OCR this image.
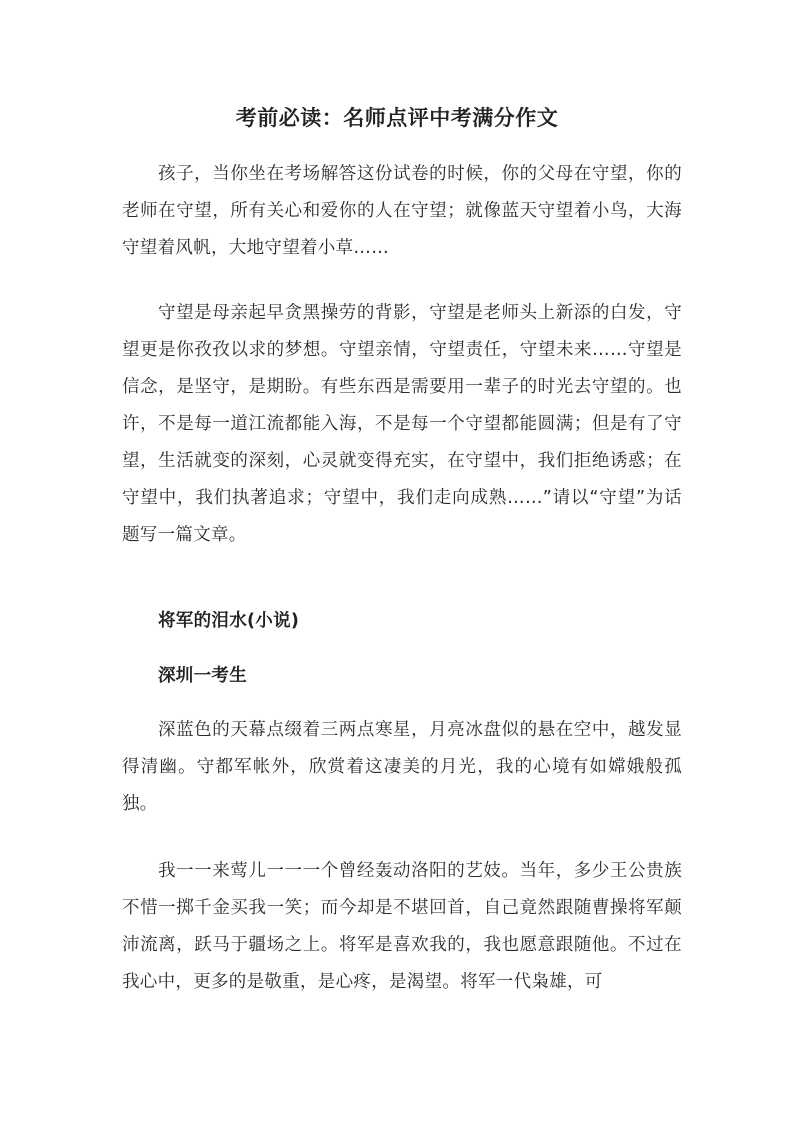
考前必读：名师点评中考满分作文

孩子，当你坐在考场解答这份试卷的时候，你的父母在守望，你的老师在守望，所有关心和爱你的人在守望；就像蓝天守望着小鸟，大海守望着风帆，大地守望着小草……

守望是母亲起早贪黑操劳的背影，守望是老师头上新添的白发，守望更是你孜孜以求的梦想。守望亲情，守望责任，守望未来……守望是信念，是坚守，是期盼。有些东西是需要用一辈子的时光去守望的。也许，不是每一道江流都能入海，不是每一个守望都能圆满；但是有了守望，生活就变的深刻，心灵就变得充实，在守望中，我们拒绝诱惑；在守望中，我们执著追求；守望中，我们走向成熟……”请以“守望”为话题写一篇文章。

将军的泪水(小说)
深圳一考生

深蓝色的天幕点缀着三两点寒星，月亮冰盘似的悬在空中，越发显得清幽。守都军帐外，欣赏着这凄美的月光，我的心境有如嫦娥般孤独。

我一一来莺儿一一一个曾经轰动洛阳的艺妓。当年，多少王公贵族不惜一掷千金买我一笑；而今却是不堪回首，自己竟然跟随曹操将军颠沛流离，跃马于疆场之上。将军是喜欢我的，我也愿意跟随他。不过在我心中，更多的是敬重，是心疼，是渴望。将军一代枭雄，可
